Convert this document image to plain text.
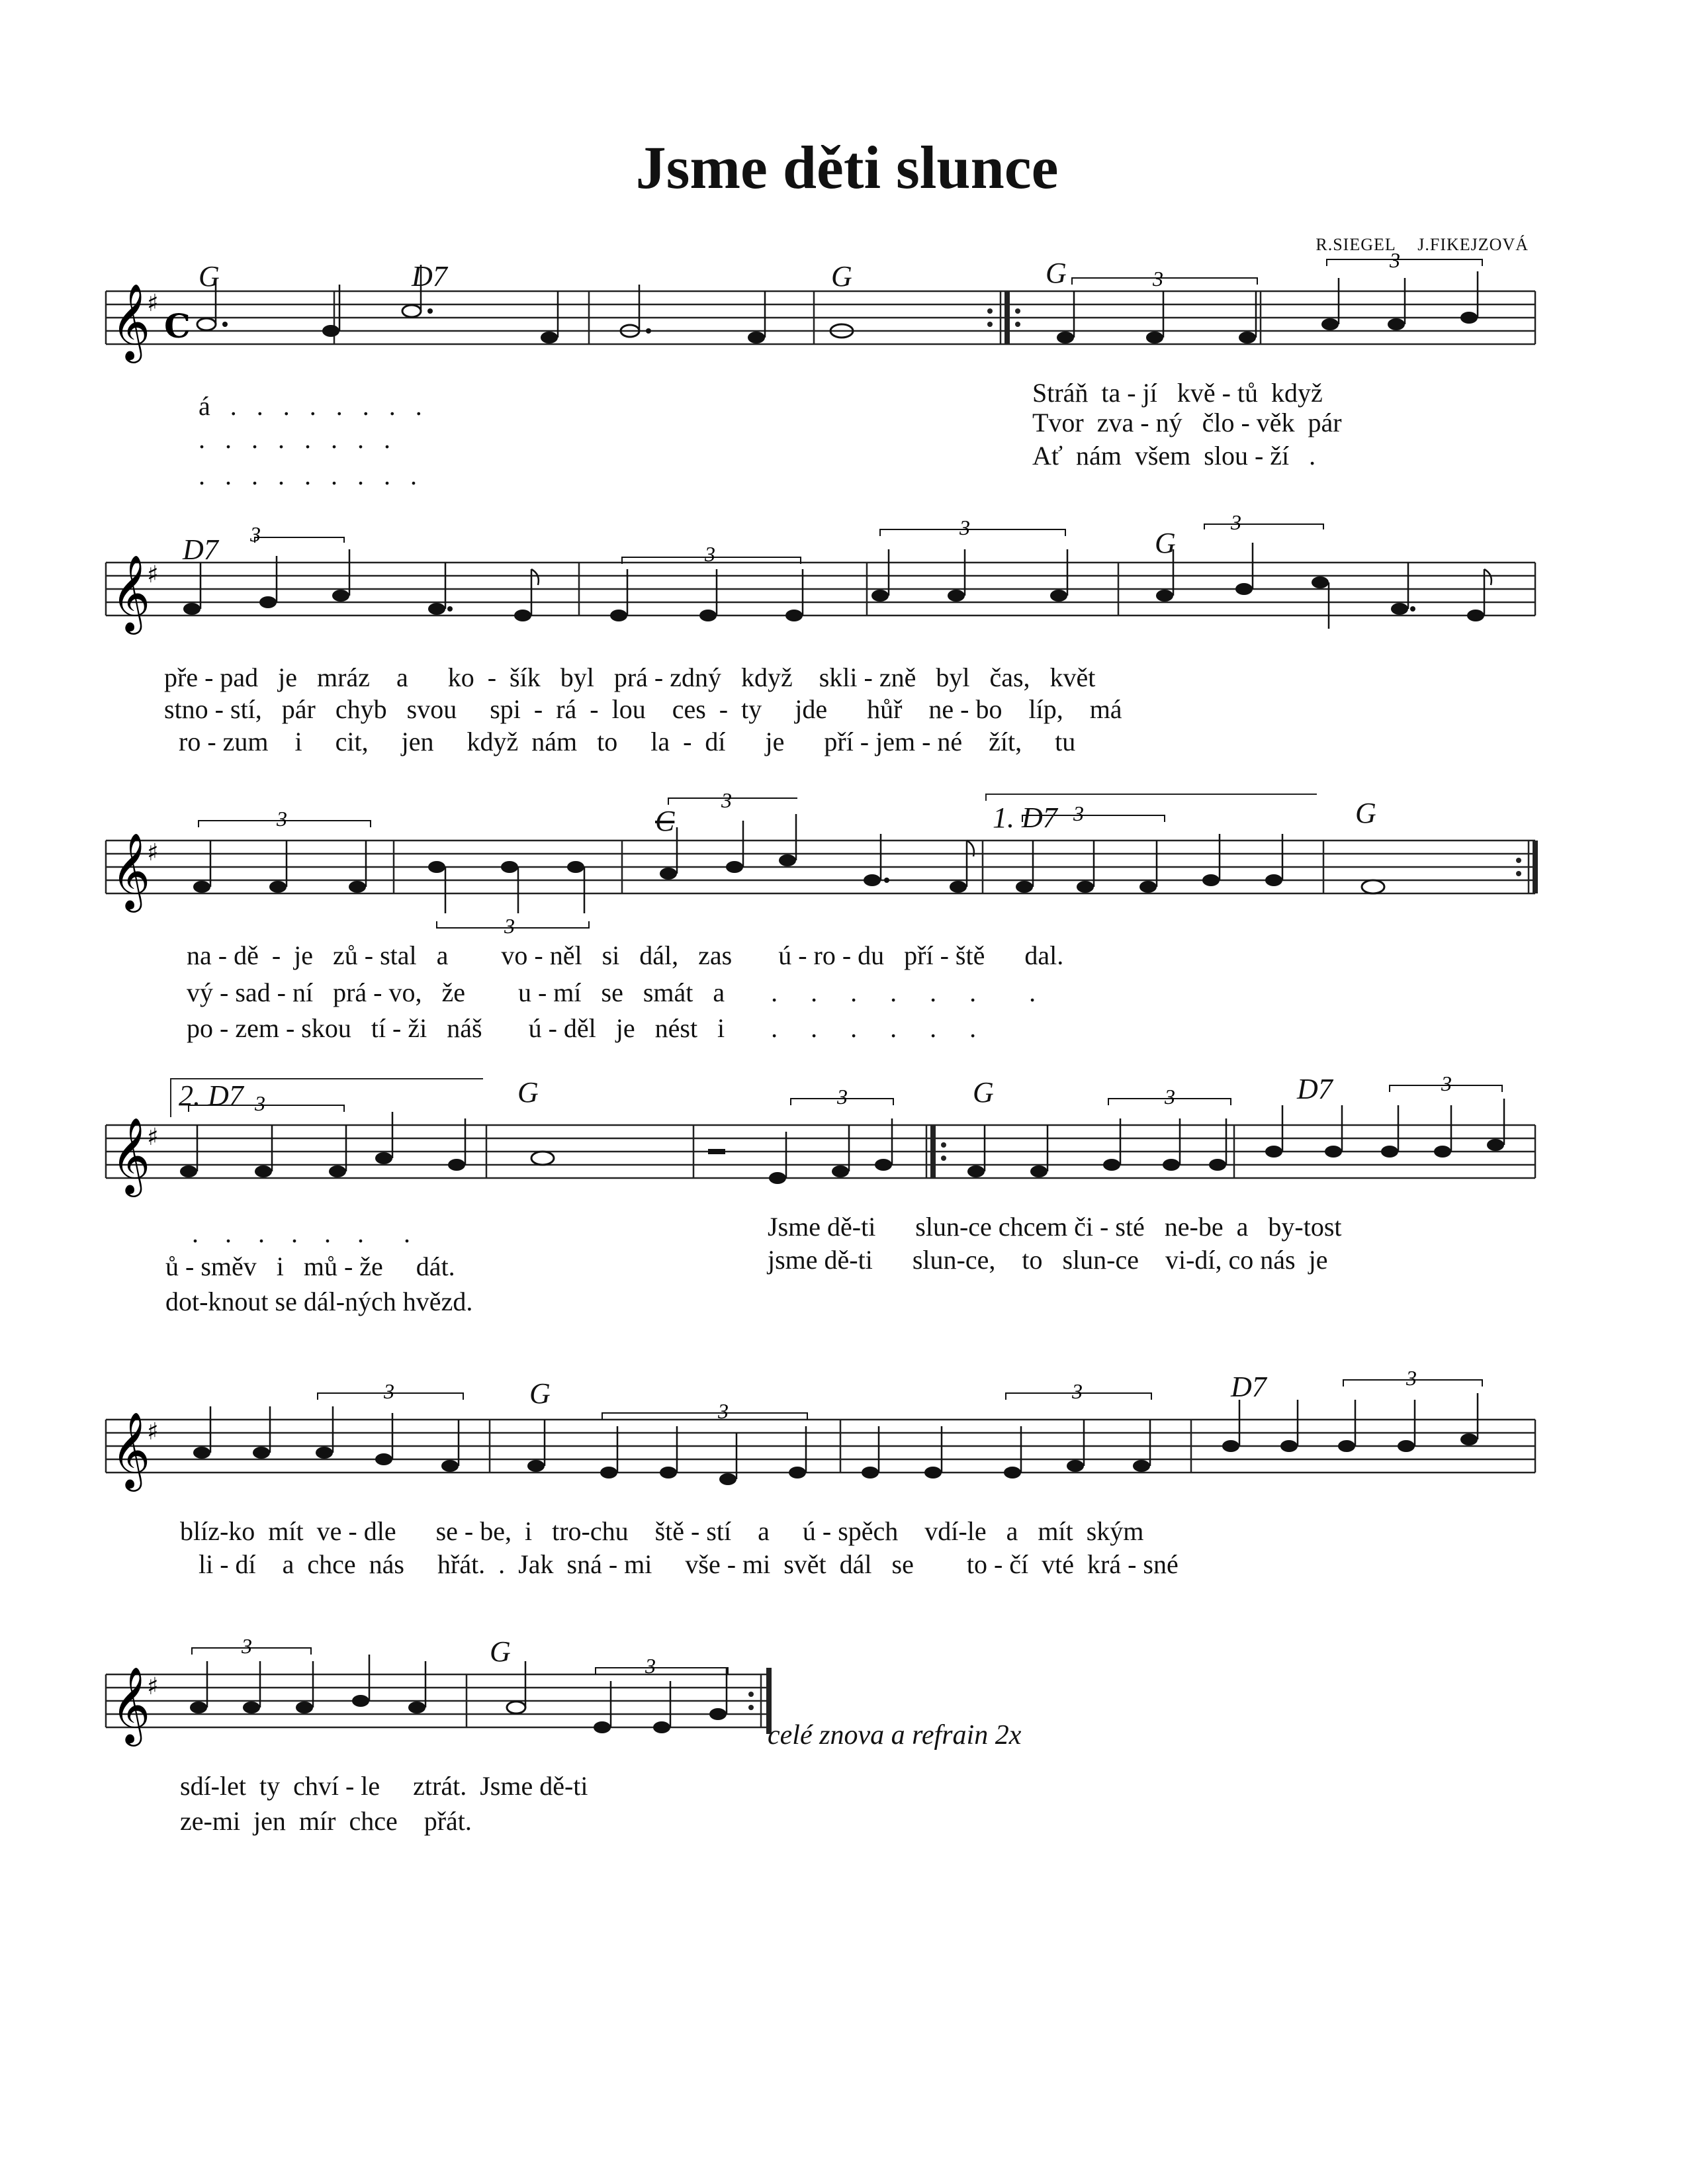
Jsme děti slunce
R.SIEGEL J.FIKEJZOVÁ
G	D7	G	G
𝄞
♯
C
3
3
á   .   .   .   .   .   .   .   .
.   .   .   .   .   .   .   .
.   .   .   .   .   .   .   .   .
Stráň  ta - jí   kvě - tů  když
Tvor  zva - ný   člo - věk  pár
Ať  nám  všem  slou - ží   .
D7	G
𝄞
♯
3
3
3	3
pře - pad   je   mráz    a      ko  -  šík   byl   prá - zdný   když    skli - zně   byl   čas,   květ
stno - stí,   pár   chyb   svou     spi  -  rá  -  lou    ces  -  ty     jde      hůř    ne - bo    líp,    má
ro - zum    i     cit,     jen     když  nám   to     la  -  dí      je      pří - jem - né    žít,     tu
C	1. D7	G
𝄞
♯
3
3
3
3
na - dě  -  je   zů - stal   a        vo - něl   si   dál,   zas       ú - ro - du   pří - ště      dal.
vý - sad - ní   prá - vo,   že        u - mí   se   smát   a       .     .     .     .     .     .        .
po - zem - skou   tí - ži   náš       ú - děl   je   nést   i       .     .     .     .     .     .
2. D7	G	G	D7
𝄞
♯
3	3	3
3
.    .    .    .    .    .      .
ů - směv   i   mů - že     dát.
dot-knout se dál-ných hvězd.
Jsme dě-ti      slun-ce chcem či - sté   ne-be  a   by-tost
jsme dě-ti      slun-ce,    to   slun-ce    vi-dí, co nás  je
G	D7
𝄞
♯
3
3
3
3
blíz-ko  mít  ve - dle      se - be,  i   tro-chu    ště - stí    a     ú - spěch    vdí-le   a   mít  ským
li - dí    a  chce  nás     hřát.  .  Jak  sná - mi     vše - mi  svět  dál   se        to - čí  vté  krá - sné
G
𝄞
♯
3
3
celé znova a refrain 2x
sdí-let  ty  chví - le     ztrát.  Jsme dě-ti
ze-mi  jen  mír  chce    přát.
